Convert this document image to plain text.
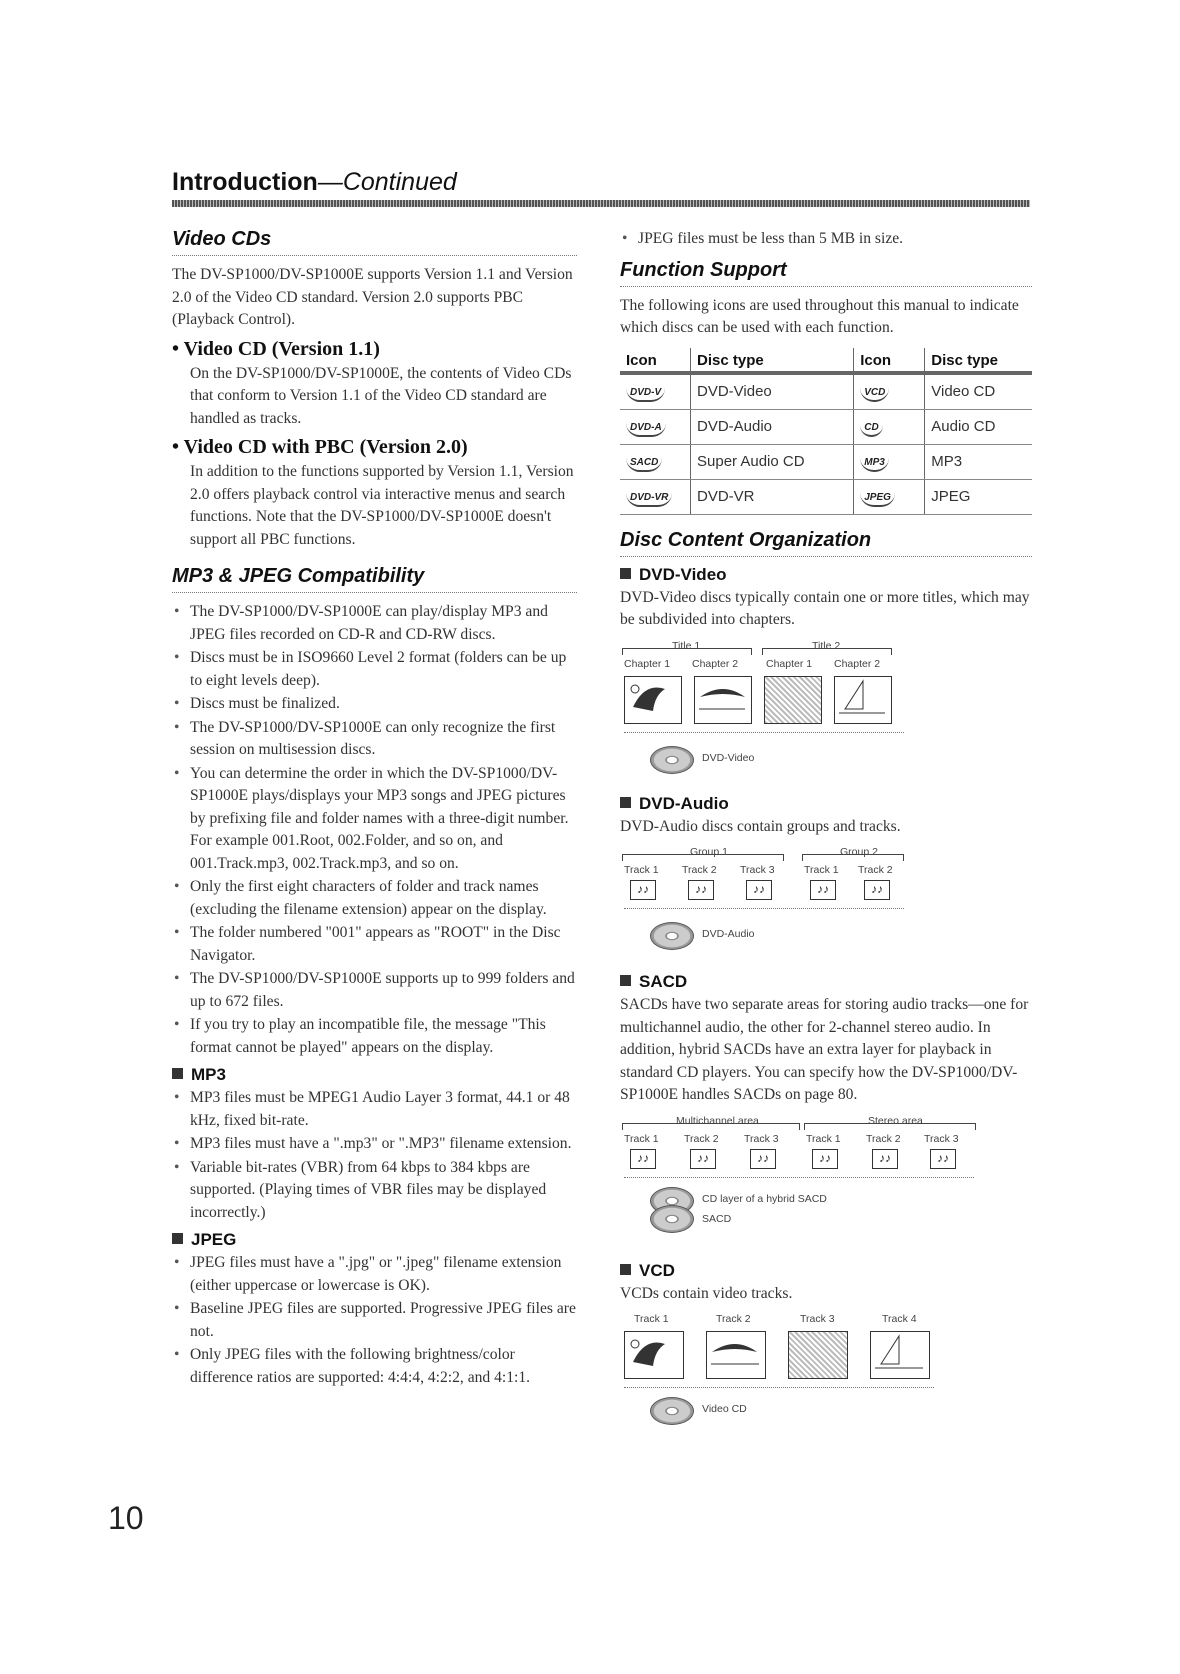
Introduction—Continued
Video CDs

The DV-SP1000/DV-SP1000E supports Version 1.1 and Version 2.0 of the Video CD standard. Version 2.0 supports PBC (Playback Control).

• Video CD (Version 1.1)

On the DV-SP1000/DV-SP1000E, the contents of Video CDs that conform to Version 1.1 of the Video CD standard are handled as tracks.

• Video CD with PBC (Version 2.0)

In addition to the functions supported by Version 1.1, Version 2.0 offers playback control via interactive menus and search functions. Note that the DV-SP1000/DV-SP1000E doesn't support all PBC functions.

MP3 & JPEG Compatibility
• The DV-SP1000/DV-SP1000E can play/display MP3 and JPEG files recorded on CD-R and CD-RW discs.
• Discs must be in ISO9660 Level 2 format (folders can be up to eight levels deep).
• Discs must be finalized.
• The DV-SP1000/DV-SP1000E can only recognize the first session on multisession discs.
• You can determine the order in which the DV-SP1000/DV-SP1000E plays/displays your MP3 songs and JPEG pictures by prefixing file and folder names with a three-digit number. For example 001.Root, 002.Folder, and so on, and 001.Track.mp3, 002.Track.mp3, and so on.
• Only the first eight characters of folder and track names (excluding the filename extension) appear on the display.
• The folder numbered "001" appears as "ROOT" in the Disc Navigator.
• The DV-SP1000/DV-SP1000E supports up to 999 folders and up to 672 files.
• If you try to play an incompatible file, the message "This format cannot be played" appears on the display.
MP3
• MP3 files must be MPEG1 Audio Layer 3 format, 44.1 or 48 kHz, fixed bit-rate.
• MP3 files must have a ".mp3" or ".MP3" filename extension.
• Variable bit-rates (VBR) from 64 kbps to 384 kbps are supported. (Playing times of VBR files may be displayed incorrectly.)
JPEG
• JPEG files must have a ".jpg" or ".jpeg" filename extension (either uppercase or lowercase is OK).
• Baseline JPEG files are supported. Progressive JPEG files are not.
• Only JPEG files with the following brightness/color difference ratios are supported: 4:4:4, 4:2:2, and 4:1:1.
• JPEG files must be less than 5 MB in size.
Function Support

The following icons are used throughout this manual to indicate which discs can be used with each function.

Icon	Disc type	Icon	Disc type
DVD-V	DVD-Video	VCD	Video CD
DVD-A	DVD-Audio	CD	Audio CD
SACD	Super Audio CD	MP3	MP3
DVD-VR	DVD-VR	JPEG	JPEG
Disc Content Organization
DVD-Video

DVD-Video discs typically contain one or more titles, which may be subdivided into chapters.

Title 1	Title 2
Chapter 1 Chapter 2	Chapter 1 Chapter 2
DVD-Video
DVD-Audio

DVD-Audio discs contain groups and tracks.

Group 1	Group 2
Track 1 Track 2 Track 3	Track 1 Track 2
♪♪	♪♪	♪♪	♪♪	♪♪
DVD-Audio
SACD

SACDs have two separate areas for storing audio tracks—one for multichannel audio, the other for 2-channel stereo audio. In addition, hybrid SACDs have an extra layer for playback in standard CD players. You can specify how the DV-SP1000/DV-SP1000E handles SACDs on page 80.

Multichannel area	Stereo area
Track 1 Track 2 Track 3	Track 1 Track 2 Track 3
♪♪	♪♪	♪♪	♪♪	♪♪	♪♪
CD layer of a hybrid SACD
SACD
VCD

VCDs contain video tracks.

Track 1	Track 2	Track 3	Track 4
Video CD
10
